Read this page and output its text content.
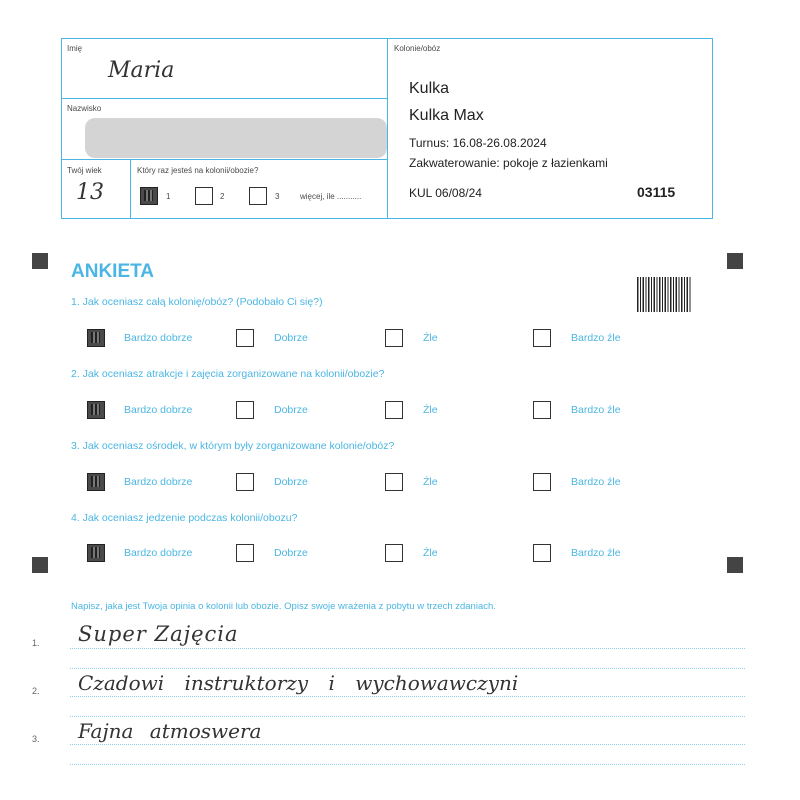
Imię
Maria
Nazwisko
Twój wiek
13
Który raz jesteś na kolonii/obozie?
1	2	3	więcej, ile ...........
Kolonie/obóz
Kulka
Kulka Max
Turnus: 16.08-26.08.2024
Zakwaterowanie: pokoje z łazienkami
KUL 06/08/24	03115
ANKIETA
1. Jak oceniasz całą kolonię/obóz? (Podobało Ci się?)
Bardzo dobrze	Dobrze	Źle	Bardzo źle
2. Jak oceniasz atrakcje i zajęcia zorganizowane na kolonii/obozie?
Bardzo dobrze	Dobrze	Źle	Bardzo źle
3. Jak oceniasz ośrodek, w którym były zorganizowane kolonie/obóz?
Bardzo dobrze	Dobrze	Źle	Bardzo źle
4. Jak oceniasz jedzenie podczas kolonii/obozu?
Bardzo dobrze	Dobrze	Źle	Bardzo źle
Napisz, jaka jest Twoja opinia o kolonii lub obozie. Opisz swoje wrażenia z pobytu w trzech zdaniach.
1. Super Zajęcia
2. Czadowi instruktorzy i wychowawczyni
3. Fajna atmoswera
